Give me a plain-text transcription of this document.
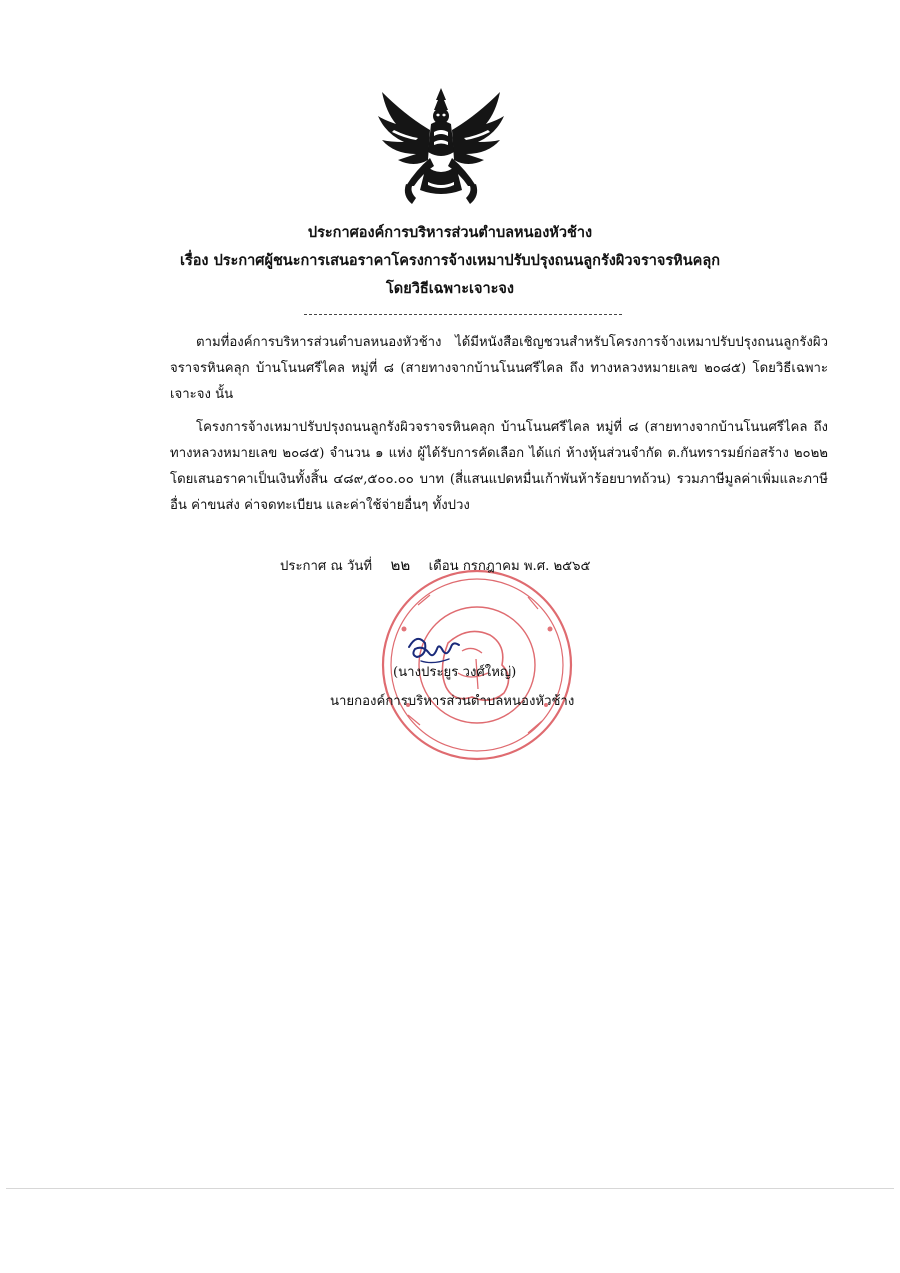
ประกาศองค์การบริหารส่วนตำบลหนองหัวช้าง
เรื่อง ประกาศผู้ชนะการเสนอราคาโครงการจ้างเหมาปรับปรุงถนนลูกรังผิวจราจรหินคลุก
โดยวิธีเฉพาะเจาะจง

ตามที่องค์การบริหารส่วนตำบลหนองหัวช้าง ได้มีหนังสือเชิญชวนสำหรับโครงการจ้างเหมาปรับปรุงถนนลูกรังผิวจราจรหินคลุก บ้านโนนศรีไคล หมู่ที่ ๘ (สายทางจากบ้านโนนศรีไคล ถึง ทางหลวงหมายเลข ๒๐๘๕) โดยวิธีเฉพาะเจาะจง นั้น

โครงการจ้างเหมาปรับปรุงถนนลูกรังผิวจราจรหินคลุก บ้านโนนศรีไคล หมู่ที่ ๘ (สายทางจากบ้านโนนศรีไคล ถึง ทางหลวงหมายเลข ๒๐๘๕) จำนวน ๑ แห่ง ผู้ได้รับการคัดเลือก ได้แก่ ห้างหุ้นส่วนจำกัด ต.กันทรารมย์ก่อสร้าง ๒๐๒๒ โดยเสนอราคาเป็นเงินทั้งสิ้น ๔๘๙,๕๐๐.๐๐ บาท (สี่แสนแปดหมื่นเก้าพันห้าร้อยบาทถ้วน) รวมภาษีมูลค่าเพิ่มและภาษีอื่น ค่าขนส่ง ค่าจดทะเบียน และค่าใช้จ่ายอื่นๆ ทั้งปวง

ประกาศ ณ วันที่ ๒๒ เดือน กรกฎาคม พ.ศ. ๒๕๖๕
(นางประยูร วงศ์ใหญ่)
นายกองค์การบริหารส่วนตำบลหนองหัวช้าง
